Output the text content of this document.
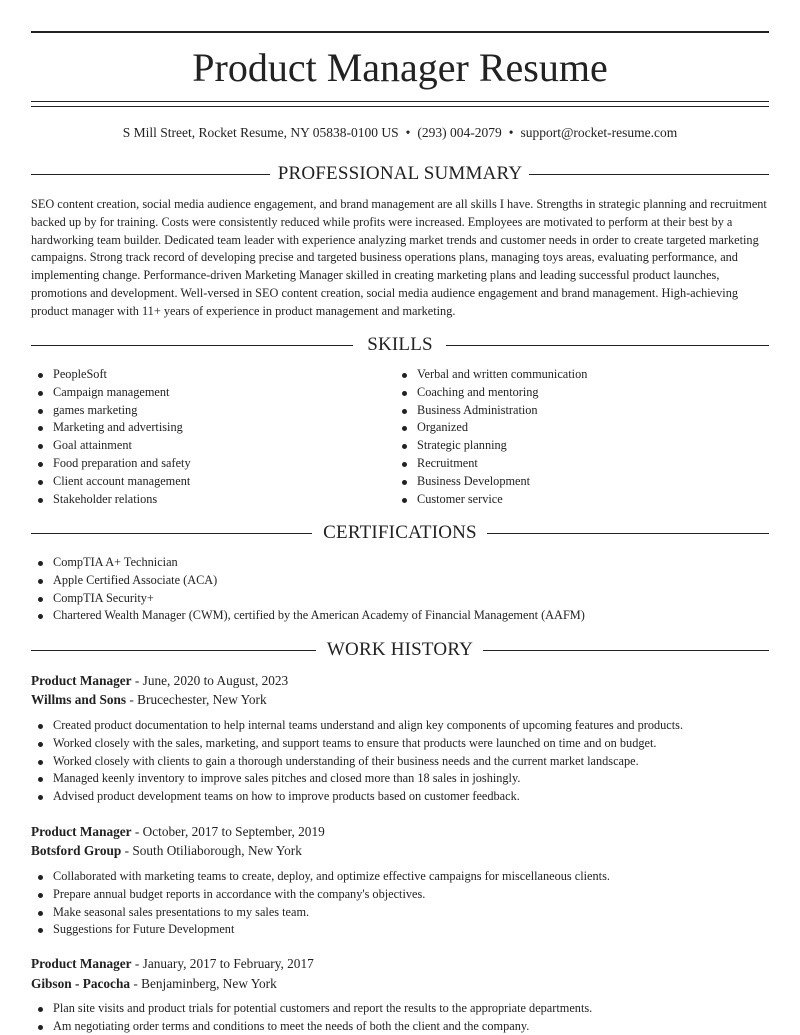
Product Manager Resume
S Mill Street, Rocket Resume, NY 05838-0100 US • (293) 004-2079 • support@rocket-resume.com
PROFESSIONAL SUMMARY

SEO content creation, social media audience engagement, and brand management are all skills I have. Strengths in strategic planning and recruitment backed up by for training. Costs were consistently reduced while profits were increased. Employees are motivated to perform at their best by a hardworking team builder. Dedicated team leader with experience analyzing market trends and customer needs in order to create targeted marketing campaigns. Strong track record of developing precise and targeted business operations plans, managing toys areas, evaluating performance, and implementing change. Performance-driven Marketing Manager skilled in creating marketing plans and leading successful product launches, promotions and development. Well-versed in SEO content creation, social media audience engagement and brand management. High-achieving product manager with 11+ years of experience in product management and marketing.

SKILLS
PeopleSoft
Campaign management
games marketing
Marketing and advertising
Goal attainment
Food preparation and safety
Client account management
Stakeholder relations
Verbal and written communication
Coaching and mentoring
Business Administration
Organized
Strategic planning
Recruitment
Business Development
Customer service
CERTIFICATIONS
CompTIA A+ Technician
Apple Certified Associate (ACA)
CompTIA Security+
Chartered Wealth Manager (CWM), certified by the American Academy of Financial Management (AAFM)
WORK HISTORY
Product Manager - June, 2020 to August, 2023
Willms and Sons - Brucechester, New York
Created product documentation to help internal teams understand and align key components of upcoming features and products.
Worked closely with the sales, marketing, and support teams to ensure that products were launched on time and on budget.
Worked closely with clients to gain a thorough understanding of their business needs and the current market landscape.
Managed keenly inventory to improve sales pitches and closed more than 18 sales in joshingly.
Advised product development teams on how to improve products based on customer feedback.
Product Manager - October, 2017 to September, 2019
Botsford Group - South Otiliaborough, New York
Collaborated with marketing teams to create, deploy, and optimize effective campaigns for miscellaneous clients.
Prepare annual budget reports in accordance with the company's objectives.
Make seasonal sales presentations to my sales team.
Suggestions for Future Development
Product Manager - January, 2017 to February, 2017
Gibson - Pacocha - Benjaminberg, New York
Plan site visits and product trials for potential customers and report the results to the appropriate departments.
Am negotiating order terms and conditions to meet the needs of both the client and the company.
